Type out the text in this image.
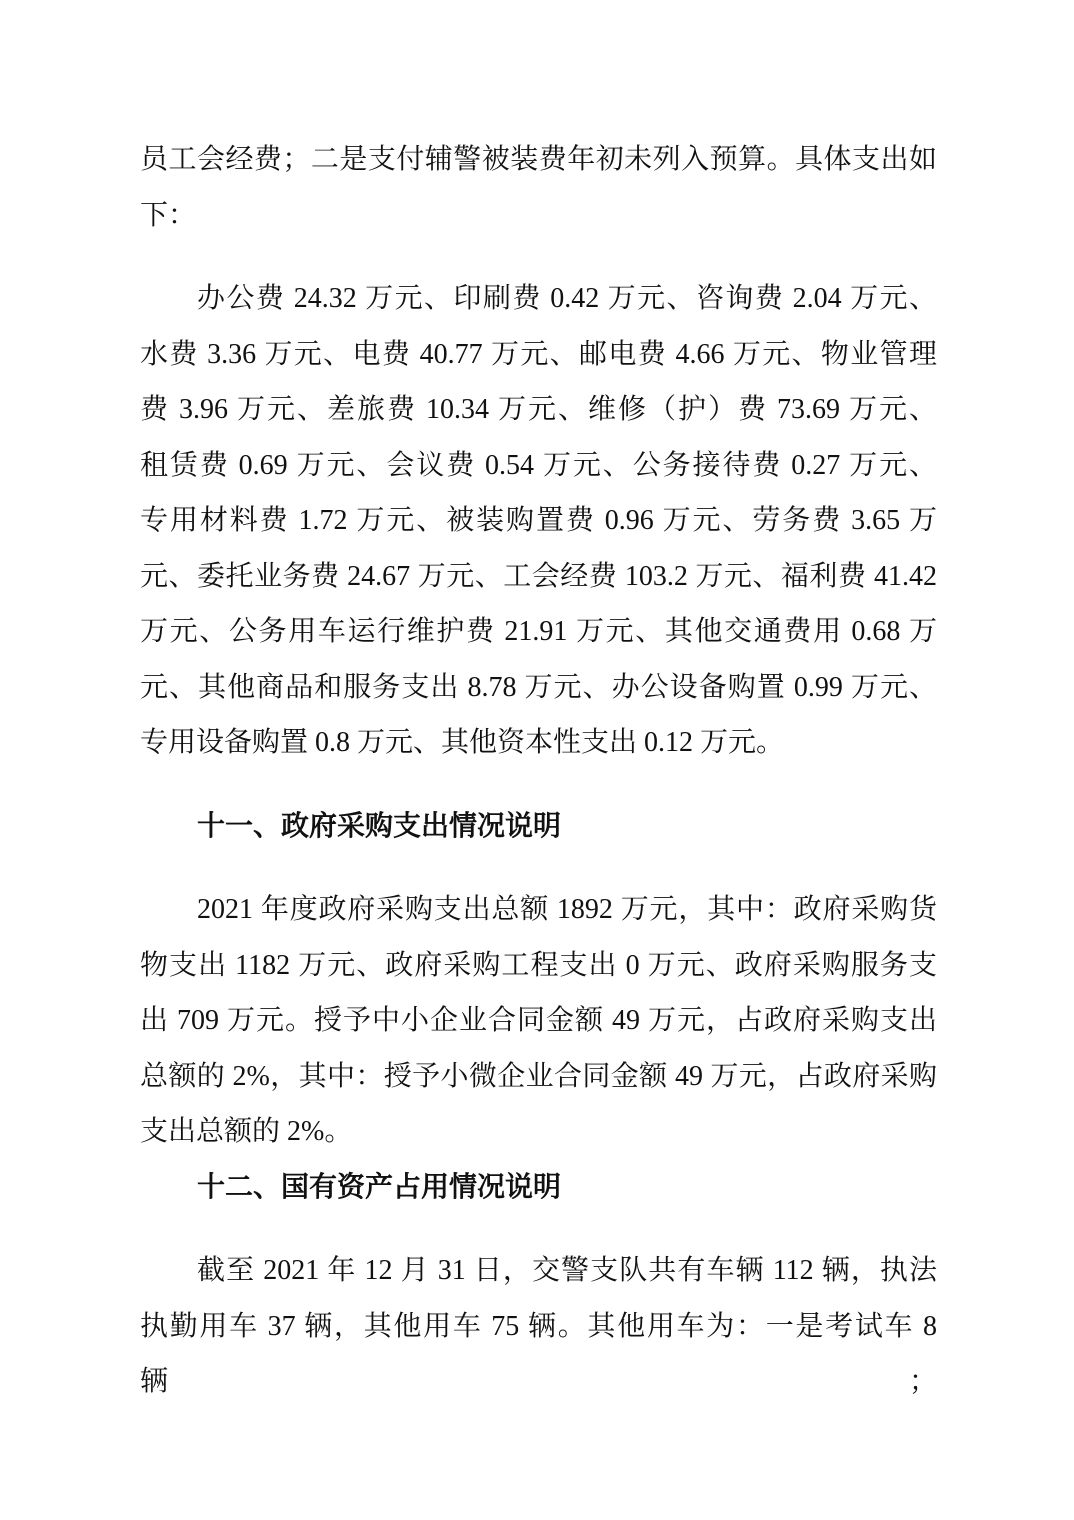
员工会经费；二是支付辅警被装费年初未列入预算。具体支出如
下：
办公费 24.32 万元、印刷费 0.42 万元、咨询费 2.04 万元、
水费 3.36 万元、电费 40.77 万元、邮电费 4.66 万元、物业管理
费 3.96 万元、差旅费 10.34 万元、维修（护）费 73.69 万元、
租赁费 0.69 万元、会议费 0.54 万元、公务接待费 0.27 万元、
专用材料费 1.72 万元、被装购置费 0.96 万元、劳务费 3.65 万
元、委托业务费 24.67 万元、工会经费 103.2 万元、福利费 41.42
万元、公务用车运行维护费 21.91 万元、其他交通费用 0.68 万
元、其他商品和服务支出 8.78 万元、办公设备购置 0.99 万元、
专用设备购置 0.8 万元、其他资本性支出 0.12 万元。
十一、政府采购支出情况说明
2021 年度政府采购支出总额 1892 万元，其中：政府采购货
物支出 1182 万元、政府采购工程支出 0 万元、政府采购服务支
出 709 万元。授予中小企业合同金额 49 万元，占政府采购支出
总额的 2%，其中：授予小微企业合同金额 49 万元，占政府采购
支出总额的 2%。
十二、国有资产占用情况说明
截至 2021 年 12 月 31 日，交警支队共有车辆 112 辆，执法
执勤用车 37 辆，其他用车 75 辆。其他用车为：一是考试车 8 辆；
